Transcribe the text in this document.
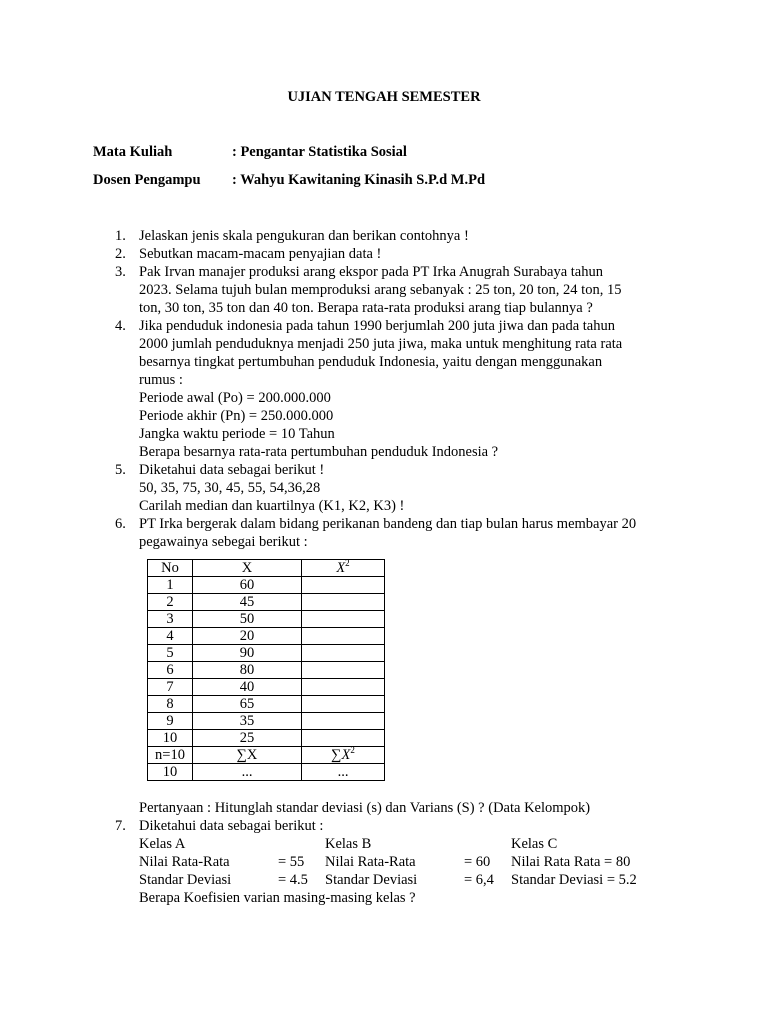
UJIAN TENGAH SEMESTER
Mata Kuliah	: Pengantar Statistika Sosial
Dosen Pengampu : Wahyu Kawitaning Kinasih S.P.d M.Pd
1. Jelaskan jenis skala pengukuran dan berikan contohnya !
2. Sebutkan macam-macam penyajian data !
3. Pak Irvan manajer produksi arang ekspor pada PT Irka Anugrah Surabaya tahun
2023. Selama tujuh bulan memproduksi arang sebanyak : 25 ton, 20 ton, 24 ton, 15
ton, 30 ton, 35 ton dan 40 ton. Berapa rata-rata produksi arang tiap bulannya ?
4. Jika penduduk indonesia pada tahun 1990 berjumlah 200 juta jiwa dan pada tahun
2000 jumlah penduduknya menjadi 250 juta jiwa, maka untuk menghitung rata rata
besarnya tingkat pertumbuhan penduduk Indonesia, yaitu dengan menggunakan
rumus :
Periode awal (Po) = 200.000.000
Periode akhir (Pn) = 250.000.000
Jangka waktu periode = 10 Tahun
Berapa besarnya rata-rata pertumbuhan penduduk Indonesia ?
5. Diketahui data sebagai berikut !
50, 35, 75, 30, 45, 55, 54,36,28
Carilah median dan kuartilnya (K1, K2, K3) !
6. PT Irka bergerak dalam bidang perikanan bandeng dan tiap bulan harus membayar 20
pegawainya sebegai berikut :
No	X	$X^2$
1	60	
2	45	
3	50	
4	20	
5	90	
6	80	
7	40	
8	65	
9	35	
10	25	
n=10	∑X	$\sum X^2$
10	...	...
Pertanyaan : Hitunglah standar deviasi (s) dan Varians (S) ? (Data Kelompok)
7. Diketahui data sebagai berikut :
Kelas A	Kelas B	Kelas C
Nilai Rata-Rata	= 55 Nilai Rata-Rata	= 60 Nilai Rata Rata = 80
Standar Deviasi	= 4.5 Standar Deviasi	= 6,4 Standar Deviasi = 5.2
Berapa Koefisien varian masing-masing kelas ?
